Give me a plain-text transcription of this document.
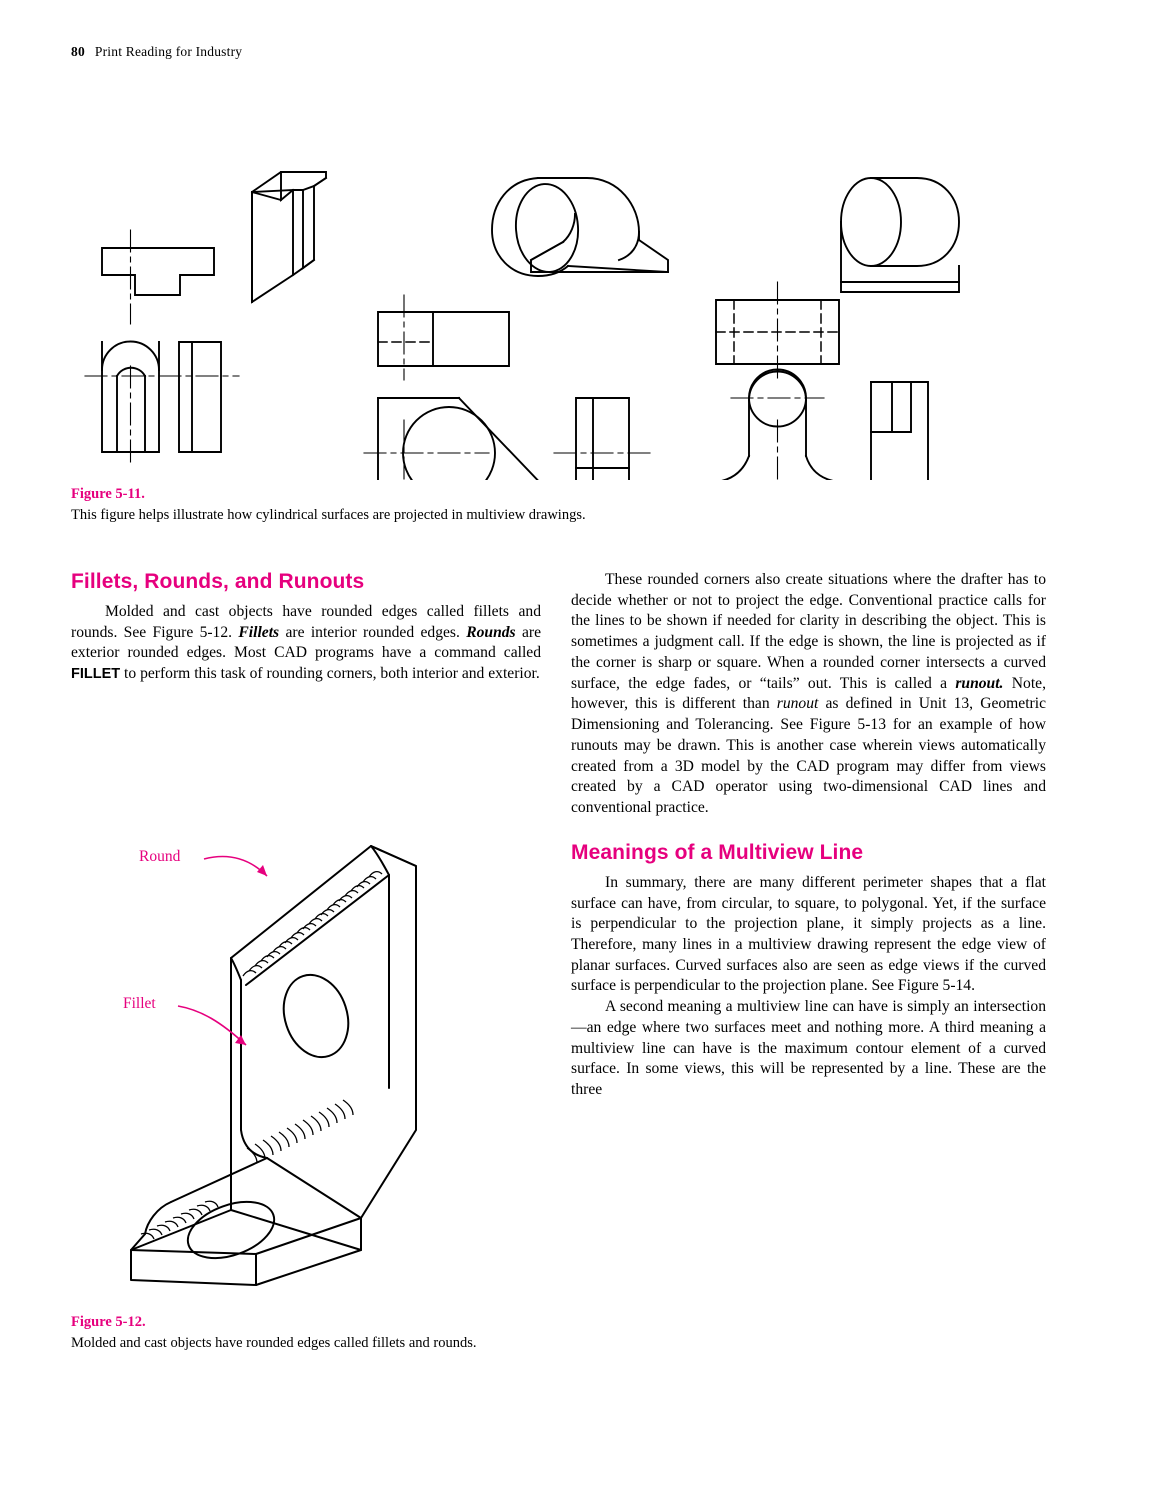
80 Print Reading for Industry
Figure 5-11.
This figure helps illustrate how cylindrical surfaces are projected in multiview drawings.
Fillets, Rounds, and Runouts

Molded and cast objects have rounded edges called fillets and rounds. See Figure 5-12. Fillets are interior rounded edges. Rounds are exterior rounded edges. Most CAD programs have a command called FILLET to perform this task of rounding corners, both interior and exterior.

These rounded corners also create situations where the drafter has to decide whether or not to project the edge. Conventional practice calls for the lines to be shown if needed for clarity in describing the object. This is sometimes a judgment call. If the edge is shown, the line is projected as if the corner is sharp or square. When a rounded corner intersects a curved surface, the edge fades, or “tails” out. This is called a runout. Note, however, this is different than runout as defined in Unit 13, Geometric Dimensioning and Tolerancing. See Figure 5-13 for an example of how runouts may be drawn. This is another case wherein views automatically created from a 3D model by the CAD program may differ from views created by a CAD operator using two-dimensional CAD lines and conventional practice.

Meanings of a Multiview Line

In summary, there are many different perimeter shapes that a flat surface can have, from circular, to square, to polygonal. Yet, if the surface is perpendicular to the projection plane, it simply projects as a line. Therefore, many lines in a multiview drawing represent the edge view of planar surfaces. Curved surfaces also are seen as edge views if the curved surface is perpendicular to the projection plane. See Figure 5-14.

A second meaning a multiview line can have is simply an intersection—an edge where two surfaces meet and nothing more. A third meaning a multiview line can have is the maximum contour element of a curved surface. In some views, this will be represented by a line. These are the three

Round
Fillet
Figure 5-12.
Molded and cast objects have rounded edges called fillets and rounds.
